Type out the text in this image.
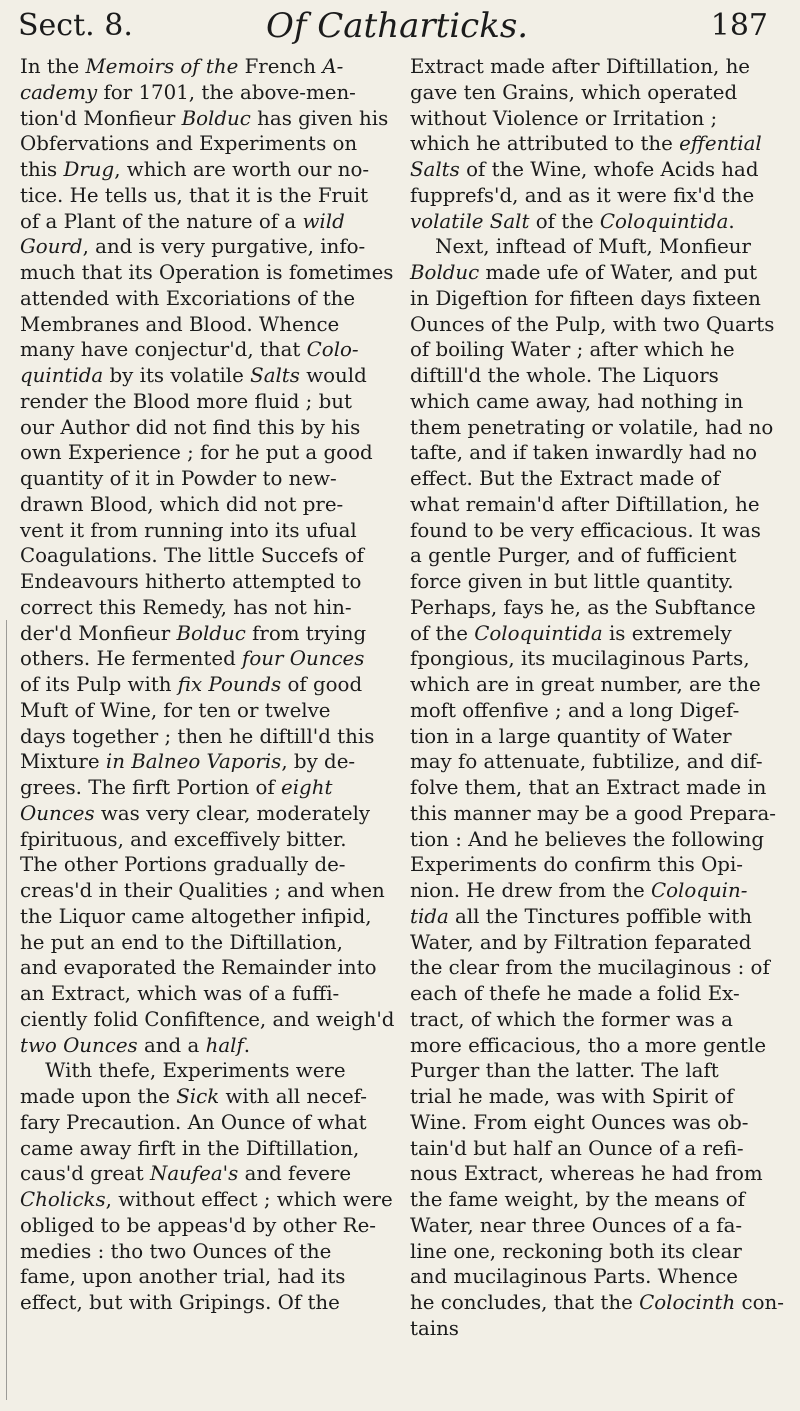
Sect. 8.	Of Catharticks.	187
In the Memoirs of the French A-
cademy for 1701, the above-men-
tion'd Monfieur Bolduc has given his
Obfervations and Experiments on
this Drug, which are worth our no-
tice. He tells us, that it is the Fruit
of a Plant of the nature of a wild
Gourd, and is very purgative, info-
much that its Operation is fometimes
attended with Excoriations of the
Membranes and Blood. Whence
many have conjectur'd, that Colo-
quintida by its volatile Salts would
render the Blood more fluid ; but
our Author did not find this by his
own Experience ; for he put a good
quantity of it in Powder to new-
drawn Blood, which did not pre-
vent it from running into its ufual
Coagulations. The little Succefs of
Endeavours hitherto attempted to
correct this Remedy, has not hin-
der'd Monfieur Bolduc from trying
others. He fermented four Ounces
of its Pulp with fix Pounds of good
Muft of Wine, for ten or twelve
days together ; then he diftill'd this
Mixture in Balneo Vaporis, by de-
grees. The firft Portion of eight
Ounces was very clear, moderately
fpirituous, and exceffively bitter.
The other Portions gradually de-
creas'd in their Qualities ; and when
the Liquor came altogether infipid,
he put an end to the Diftillation,
and evaporated the Remainder into
an Extract, which was of a fuffi-
ciently folid Confiftence, and weigh'd
two Ounces and a half.
With thefe, Experiments were
made upon the Sick with all necef-
fary Precaution. An Ounce of what
came away firft in the Diftillation,
caus'd great Naufea's and fevere
Cholicks, without effect ; which were
obliged to be appeas'd by other Re-
medies : tho two Ounces of the
fame, upon another trial, had its
effect, but with Gripings. Of the
Extract made after Diftillation, he
gave ten Grains, which operated
without Violence or Irritation ;
which he attributed to the effential
Salts of the Wine, whofe Acids had
fupprefs'd, and as it were fix'd the
volatile Salt of the Coloquintida.
Next, inftead of Muft, Monfieur
Bolduc made ufe of Water, and put
in Digeftion for fifteen days fixteen
Ounces of the Pulp, with two Quarts
of boiling Water ; after which he
diftill'd the whole. The Liquors
which came away, had nothing in
them penetrating or volatile, had no
tafte, and if taken inwardly had no
effect. But the Extract made of
what remain'd after Diftillation, he
found to be very efficacious. It was
a gentle Purger, and of fufficient
force given in but little quantity.
Perhaps, fays he, as the Subftance
of the Coloquintida is extremely
fpongious, its mucilaginous Parts,
which are in great number, are the
moft offenfive ; and a long Digef-
tion in a large quantity of Water
may fo attenuate, fubtilize, and dif-
folve them, that an Extract made in
this manner may be a good Prepara-
tion : And he believes the following
Experiments do confirm this Opi-
nion. He drew from the Coloquin-
tida all the Tinctures poffible with
Water, and by Filtration feparated
the clear from the mucilaginous : of
each of thefe he made a folid Ex-
tract, of which the former was a
more efficacious, tho a more gentle
Purger than the latter. The laft
trial he made, was with Spirit of
Wine. From eight Ounces was ob-
tain'd but half an Ounce of a refi-
nous Extract, whereas he had from
the fame weight, by the means of
Water, near three Ounces of a fa-
line one, reckoning both its clear
and mucilaginous Parts. Whence
he concludes, that the Colocinth con-
tains
